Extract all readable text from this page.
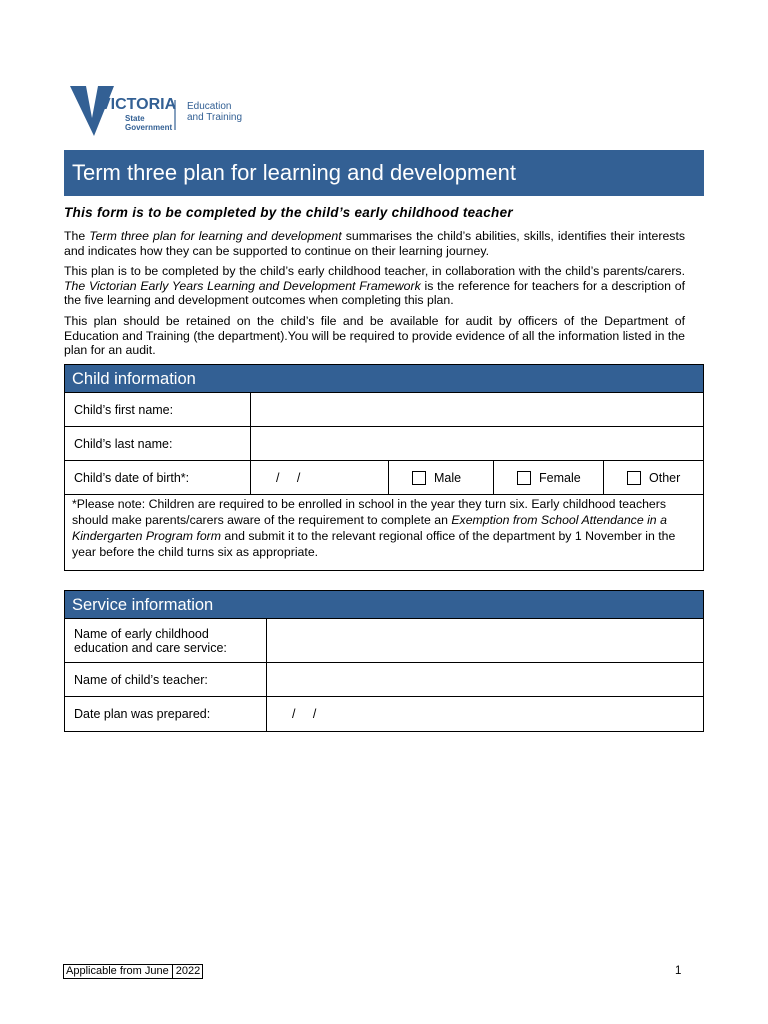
VICTORIA
State
Government
Education
and Training
Term three plan for learning and development
This form is to be completed by the child’s early childhood teacher
The Term three plan for learning and development summarises the child’s abilities, skills, identifies their interests and indicates how they can be supported to continue on their learning journey.
This plan is to be completed by the child’s early childhood teacher, in collaboration with the child’s parents/carers. The Victorian Early Years Learning and Development Framework is the reference for teachers for a description of the five learning and development outcomes when completing this plan.
This plan should be retained on the child’s file and be available for audit by officers of the Department of Education and Training (the department).You will be required to provide evidence of all the information listed in the plan for an audit.
Child information
Child’s first name:
Child’s last name:
Child’s date of birth*:	/     /	Male	Female	Other
*Please note: Children are required to be enrolled in school in the year they turn six. Early childhood teachers should make parents/carers aware of the requirement to complete an Exemption from School Attendance in a Kindergarten Program form and submit it to the relevant regional office of the department by 1 November in the year before the child turns six as appropriate.
Service information
Name of early childhood education and care service:
Name of child’s teacher:
Date plan was prepared:	/     /
Applicable from June 2022	1
